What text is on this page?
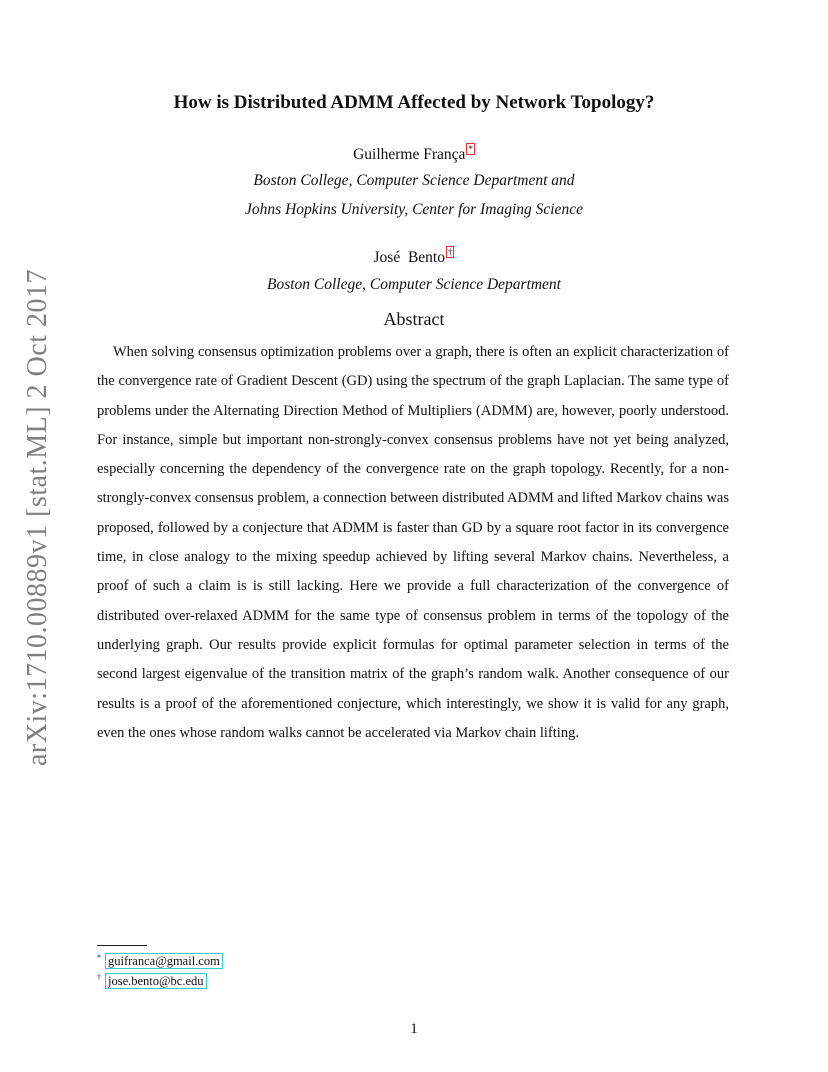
arXiv:1710.00889v1 [stat.ML] 2 Oct 2017
How is Distributed ADMM Affected by Network Topology?
Guilherme França *
Boston College, Computer Science Department and
Johns Hopkins University, Center for Imaging Science
José  Bento †
Boston College, Computer Science Department
Abstract

When solving consensus optimization problems over a graph, there is often an explicit characterization of the convergence rate of Gradient Descent (GD) using the spectrum of the graph Laplacian. The same type of problems under the Alternating Direction Method of Multipliers (ADMM) are, however, poorly understood. For instance, simple but important non-strongly-convex consensus problems have not yet being analyzed, especially concerning the dependency of the convergence rate on the graph topology. Recently, for a non-strongly-convex consensus problem, a connection between distributed ADMM and lifted Markov chains was proposed, followed by a conjecture that ADMM is faster than GD by a square root factor in its convergence time, in close analogy to the mixing speedup achieved by lifting several Markov chains. Nevertheless, a proof of such a claim is is still lacking. Here we provide a full characterization of the convergence of distributed over-relaxed ADMM for the same type of consensus problem in terms of the topology of the underlying graph. Our results provide explicit formulas for optimal parameter selection in terms of the second largest eigenvalue of the transition matrix of the graph’s random walk. Another consequence of our results is a proof of the aforementioned conjecture, which interestingly, we show it is valid for any graph, even the ones whose random walks cannot be accelerated via Markov chain lifting.

* guifranca@gmail.com
† jose.bento@bc.edu
1
